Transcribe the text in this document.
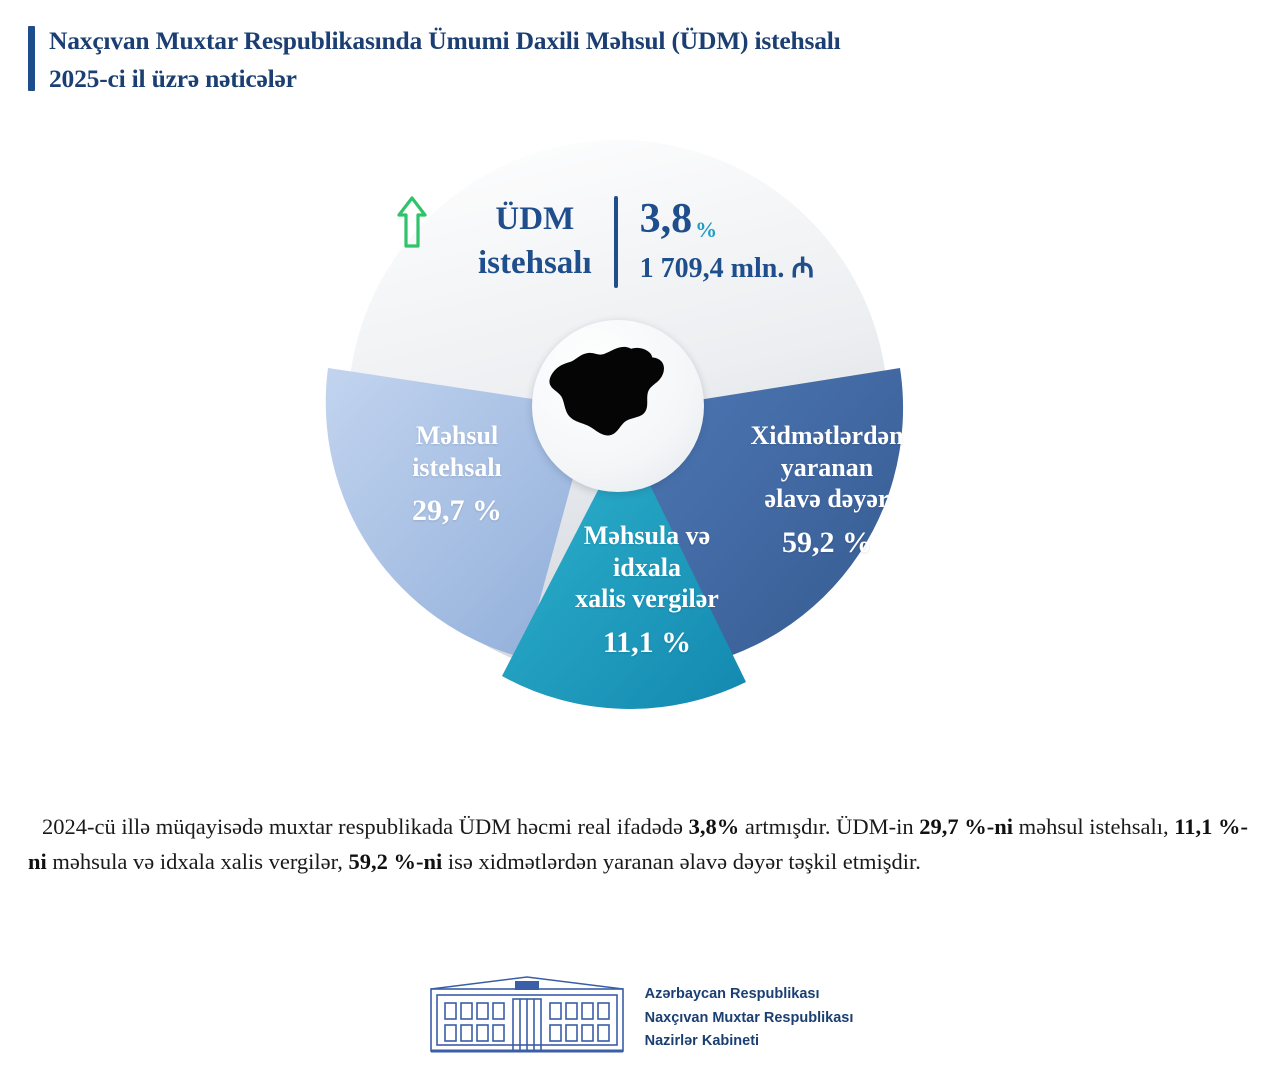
Naxçıvan Muxtar Respublikasında Ümumi Daxili Məhsul (ÜDM) istehsalı
2025-ci il üzrə nəticələr
ÜDM
istehsalı
3,8 %
1 709,4 mln. ₼
Məhsul
istehsalı
29,7 %
Məhsula və
idxala
xalis vergilər
11,1 %
Xidmətlərdən
yaranan
əlavə dəyər
59,2 %
2024-cü illə müqayisədə muxtar respublikada ÜDM həcmi real ifadədə 3,8% artmışdır. ÜDM-in 29,7 %-ni məhsul istehsalı, 11,1 %-ni məhsula və idxala xalis vergilər, 59,2 %-ni isə xidmətlərdən yaranan əlavə dəyər təşkil etmişdir.
Azərbaycan Respublikası
Naxçıvan Muxtar Respublikası
Nazirlər Kabineti
